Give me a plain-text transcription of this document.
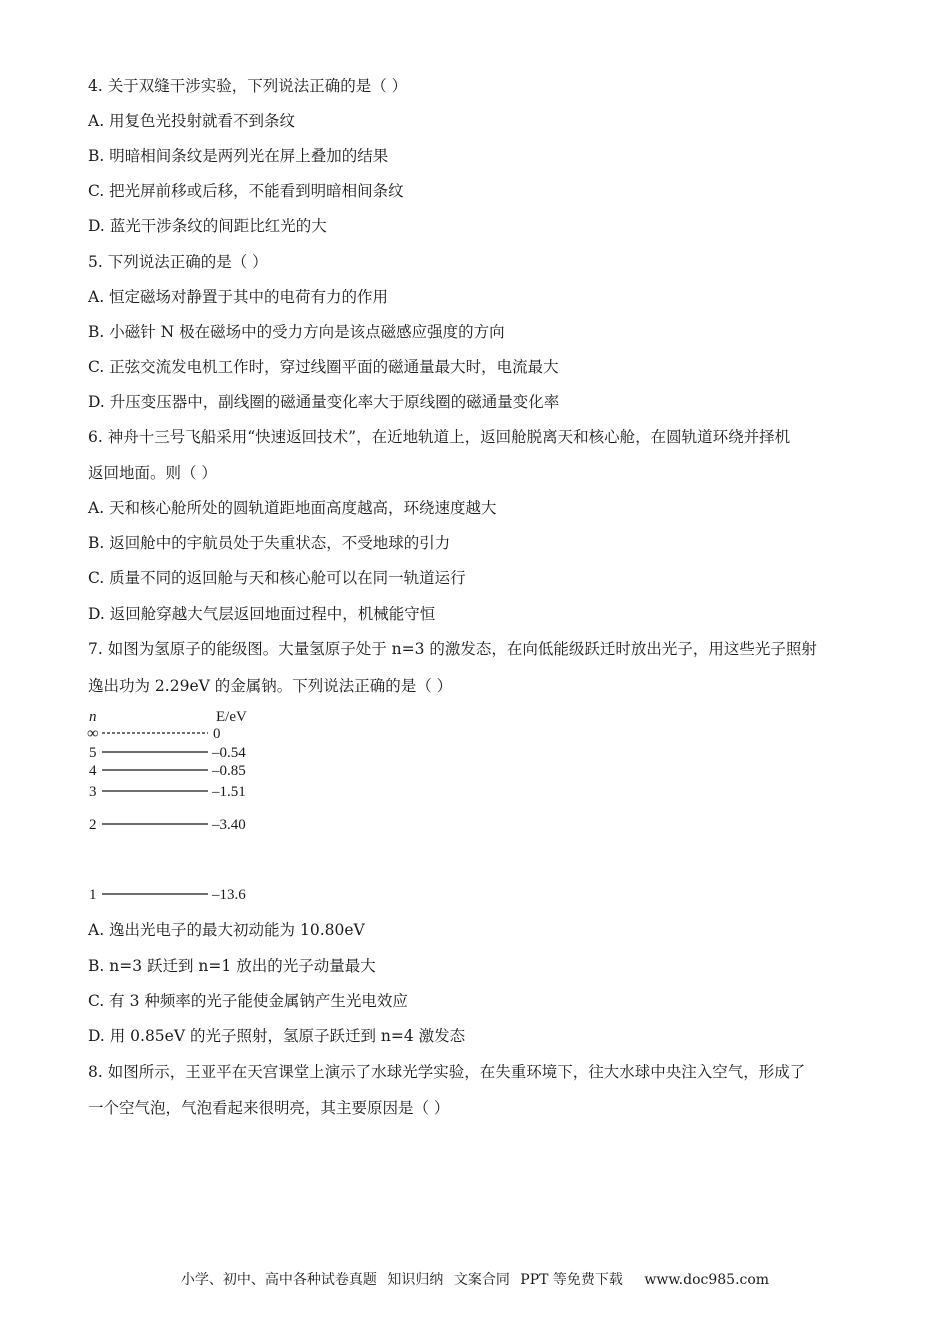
4. 关于双缝干涉实验，下列说法正确的是（ ）
A. 用复色光投射就看不到条纹
B. 明暗相间条纹是两列光在屏上叠加的结果
C. 把光屏前移或后移，不能看到明暗相间条纹
D. 蓝光干涉条纹的间距比红光的大
5. 下列说法正确的是（ ）
A. 恒定磁场对静置于其中的电荷有力的作用
B. 小磁针 N 极在磁场中的受力方向是该点磁感应强度的方向
C. 正弦交流发电机工作时，穿过线圈平面的磁通量最大时，电流最大
D. 升压变压器中，副线圈的磁通量变化率大于原线圈的磁通量变化率
6. 神舟十三号飞船采用“快速返回技术”，在近地轨道上，返回舱脱离天和核心舱，在圆轨道环绕并择机
返回地面。则（ ）
A. 天和核心舱所处的圆轨道距地面高度越高，环绕速度越大
B. 返回舱中的宇航员处于失重状态，不受地球的引力
C. 质量不同的返回舱与天和核心舱可以在同一轨道运行
D. 返回舱穿越大气层返回地面过程中，机械能守恒
7. 如图为氢原子的能级图。大量氢原子处于 n=3 的激发态，在向低能级跃迁时放出光子，用这些光子照射
逸出功为 2.29eV 的金属钠。下列说法正确的是（ ）
n	E/eV
∞	0
5	–0.54
4	–0.85
3	–1.51
2	–3.40
1	–13.6
A. 逸出光电子的最大初动能为 10.80eV
B. n=3 跃迁到 n=1 放出的光子动量最大
C. 有 3 种频率的光子能使金属钠产生光电效应
D. 用 0.85eV 的光子照射，氢原子跃迁到 n=4 激发态
8. 如图所示，王亚平在天宫课堂上演示了水球光学实验，在失重环境下，往大水球中央注入空气，形成了
一个空气泡，气泡看起来很明亮，其主要原因是（ ）
小学、初中、高中各种试卷真题 知识归纳 文案合同 PPT 等免费下载 www.doc985.com
